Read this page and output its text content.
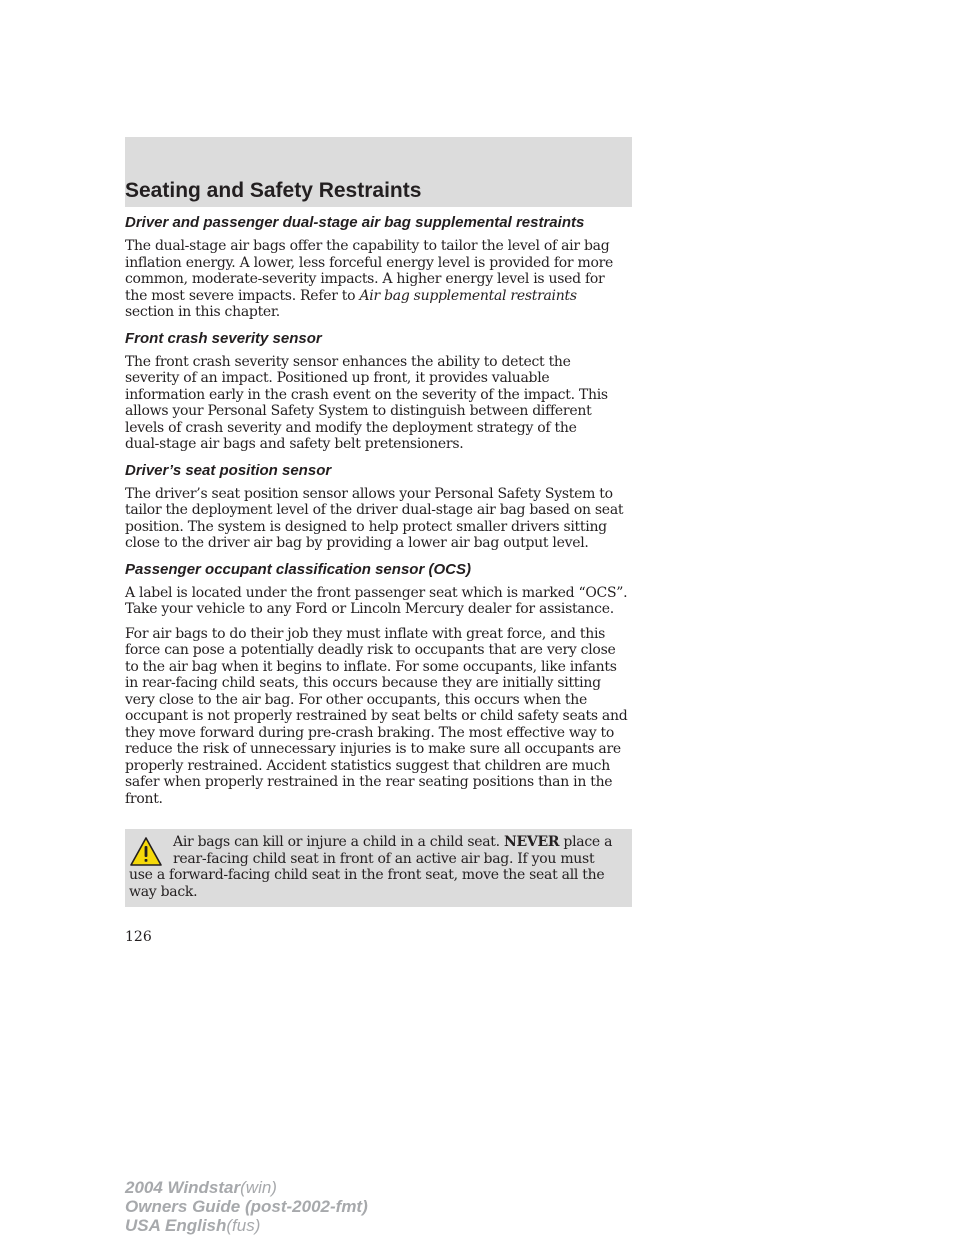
Seating and Safety Restraints
Driver and passenger dual-stage air bag supplemental restraints

The dual-stage air bags offer the capability to tailor the level of air bag

inflation energy. A lower, less forceful energy level is provided for more

common, moderate-severity impacts. A higher energy level is used for

the most severe impacts. Refer to Air bag supplemental restraints

section in this chapter.

Front crash severity sensor

The front crash severity sensor enhances the ability to detect the

severity of an impact. Positioned up front, it provides valuable

information early in the crash event on the severity of the impact. This

allows your Personal Safety System to distinguish between different

levels of crash severity and modify the deployment strategy of the

dual-stage air bags and safety belt pretensioners.

Driver’s seat position sensor

The driver’s seat position sensor allows your Personal Safety System to

tailor the deployment level of the driver dual-stage air bag based on seat

position. The system is designed to help protect smaller drivers sitting

close to the driver air bag by providing a lower air bag output level.

Passenger occupant classification sensor (OCS)

A label is located under the front passenger seat which is marked “OCS”.

Take your vehicle to any Ford or Lincoln Mercury dealer for assistance.

For air bags to do their job they must inflate with great force, and this

force can pose a potentially deadly risk to occupants that are very close

to the air bag when it begins to inflate. For some occupants, like infants

in rear-facing child seats, this occurs because they are initially sitting

very close to the air bag. For other occupants, this occurs when the

occupant is not properly restrained by seat belts or child safety seats and

they move forward during pre-crash braking. The most effective way to

reduce the risk of unnecessary injuries is to make sure all occupants are

properly restrained. Accident statistics suggest that children are much

safer when properly restrained in the rear seating positions than in the

front.

Air bags can kill or injure a child in a child seat. NEVER place a

rear-facing child seat in front of an active air bag. If you must

use a forward-facing child seat in the front seat, move the seat all the

way back.

126

2004 Windstar(win)

Owners Guide (post-2002-fmt)

USA English(fus)
